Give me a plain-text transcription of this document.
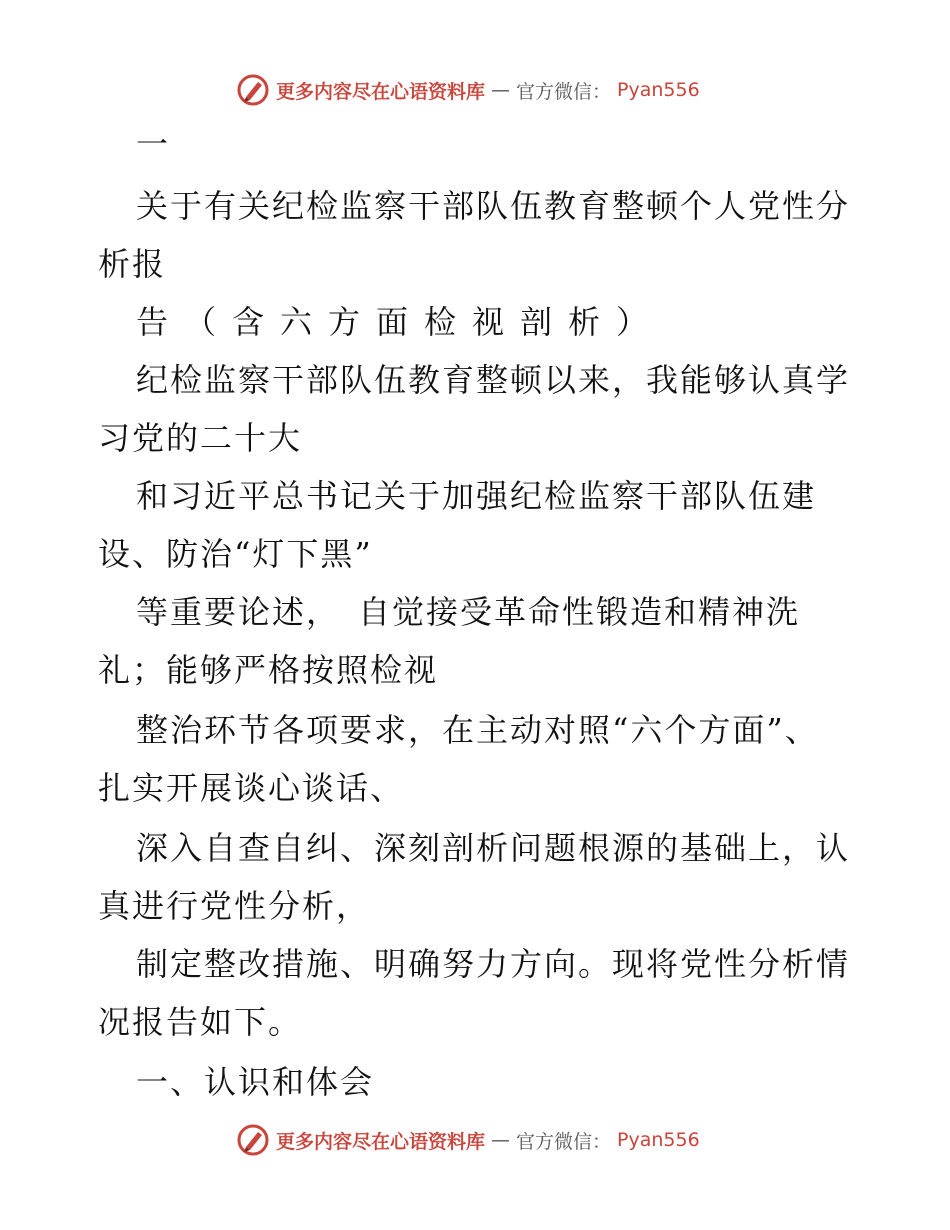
更多内容尽在心语资料库 — 官方微信： Pyan556
一
关于有关纪检监察干部队伍教育整顿个人党性分
析报
告（含六方面检视剖析）
纪检监察干部队伍教育整顿以来，我能够认真学
习党的二十大
和习近平总书记关于加强纪检监察干部队伍建
设、防治“灯下黑”
等重要论述，　自觉接受革命性锻造和精神洗
礼；能够严格按照检视
整治环节各项要求，在主动对照“六个方面”、
扎实开展谈心谈话、
深入自查自纠、深刻剖析问题根源的基础上，认
真进行党性分析，
制定整改措施、明确努力方向。现将党性分析情
况报告如下。
一、认识和体会
更多内容尽在心语资料库 — 官方微信： Pyan556
